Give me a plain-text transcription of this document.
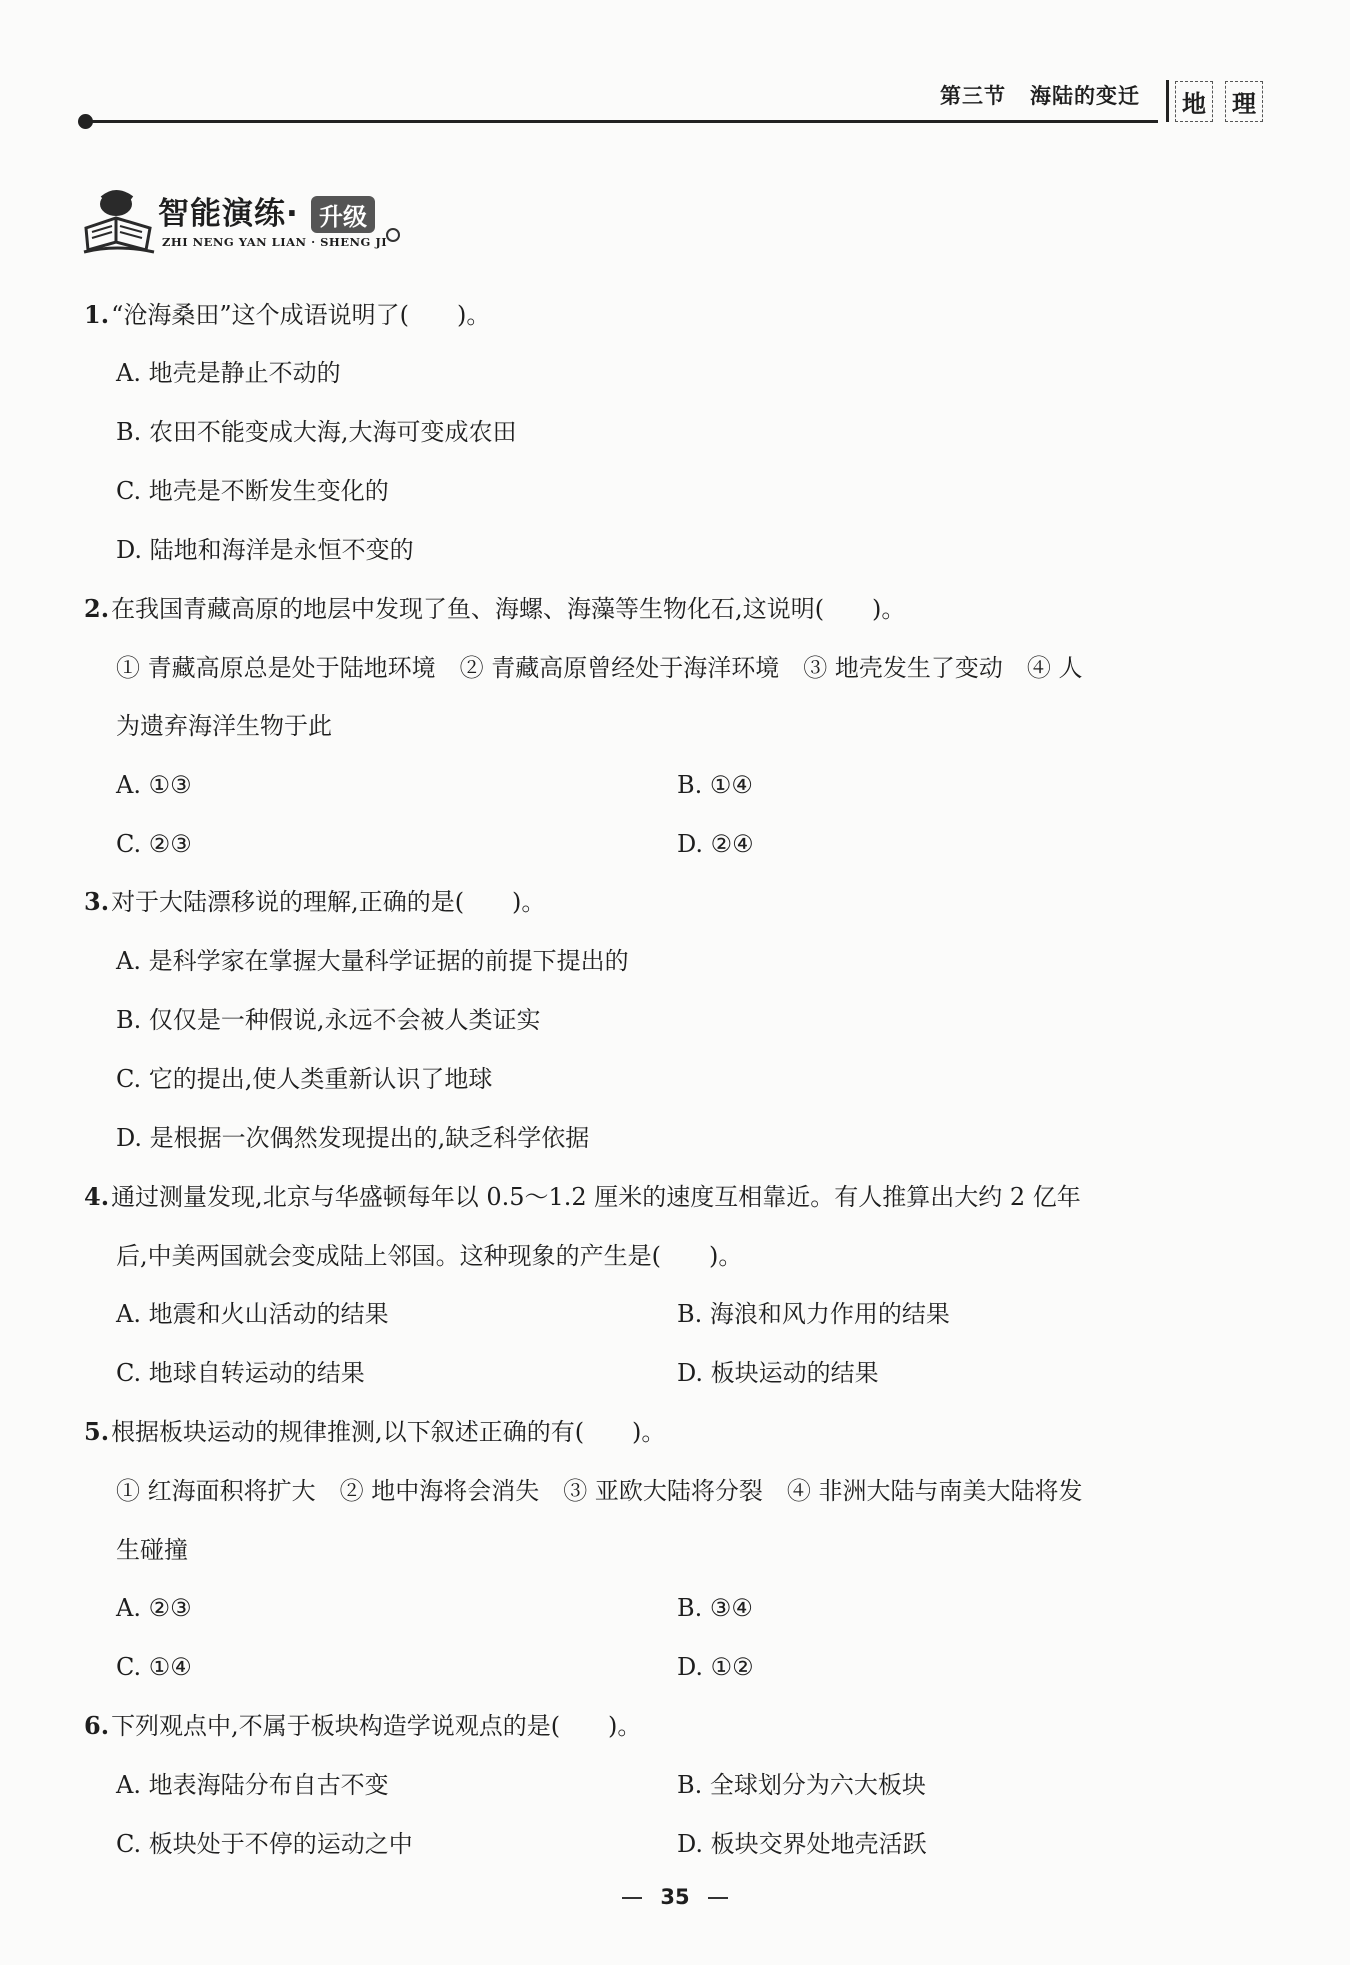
第三节 海陆的变迁 地 理
智能演练· 升级
ZHI NENG YAN LIAN · SHENG JI
1.“沧海桑田”这个成语说明了(　　)。
A. 地壳是静止不动的
B. 农田不能变成大海,大海可变成农田
C. 地壳是不断发生变化的
D. 陆地和海洋是永恒不变的
2.在我国青藏高原的地层中发现了鱼、海螺、海藻等生物化石,这说明(　　)。
① 青藏高原总是处于陆地环境　② 青藏高原曾经处于海洋环境　③ 地壳发生了变动　④ 人
为遗弃海洋生物于此
A. ①③	B. ①④
C. ②③	D. ②④
3.对于大陆漂移说的理解,正确的是(　　)。
A. 是科学家在掌握大量科学证据的前提下提出的
B. 仅仅是一种假说,永远不会被人类证实
C. 它的提出,使人类重新认识了地球
D. 是根据一次偶然发现提出的,缺乏科学依据
4.通过测量发现,北京与华盛顿每年以 0.5～1.2 厘米的速度互相靠近。有人推算出大约 2 亿年
后,中美两国就会变成陆上邻国。这种现象的产生是(　　)。
A. 地震和火山活动的结果	B. 海浪和风力作用的结果
C. 地球自转运动的结果	D. 板块运动的结果
5.根据板块运动的规律推测,以下叙述正确的有(　　)。
① 红海面积将扩大　② 地中海将会消失　③ 亚欧大陆将分裂　④ 非洲大陆与南美大陆将发
生碰撞
A. ②③	B. ③④
C. ①④	D. ①②
6.下列观点中,不属于板块构造学说观点的是(　　)。
A. 地表海陆分布自古不变	B. 全球划分为六大板块
C. 板块处于不停的运动之中	D. 板块交界处地壳活跃
35
